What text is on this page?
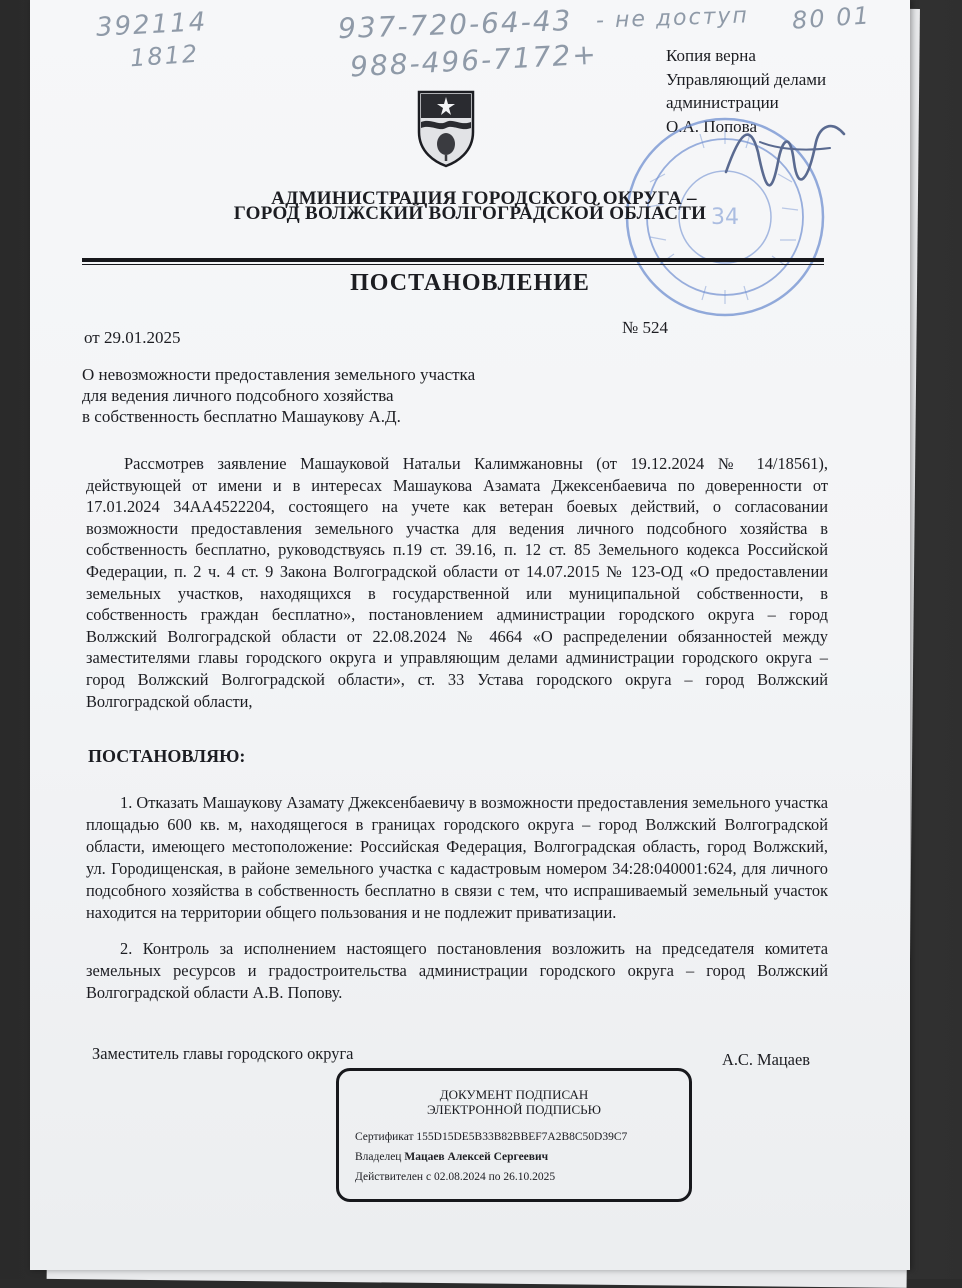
392114
1812
937-720-64-43
988-496-7172+
- не доступ 80 01
Копия верна
Управляющий делами
администрации
О.А. Попова
34
АДМИНИСТРАЦИЯ ГОРОДСКОГО ОКРУГА –
ГОРОД ВОЛЖСКИЙ ВОЛГОГРАДСКОЙ ОБЛАСТИ
ПОСТАНОВЛЕНИЕ
от 29.01.2025
№ 524
О невозможности предоставления земельного участка
для ведения личного подсобного хозяйства
в собственность бесплатно Машаукову А.Д.
Рассмотрев заявление Машауковой Натальи Калимжановны (от 19.12.2024 № 14/18561), действующей от имени и в интересах Машаукова Азамата Джексенбаевича по доверенности от 17.01.2024 34АА4522204, состоящего на учете как ветеран боевых действий, о согласовании возможности предоставления земельного участка для ведения личного подсобного хозяйства в собственность бесплатно, руководствуясь п.19 ст. 39.16, п. 12 ст. 85 Земельного кодекса Российской Федерации, п. 2 ч. 4 ст. 9 Закона Волгоградской области от 14.07.2015 № 123-ОД «О предоставлении земельных участков, находящихся в государственной или муниципальной собственности, в собственность граждан бесплатно», постановлением администрации городского округа – город Волжский Волгоградской области от 22.08.2024 № 4664 «О распределении обязанностей между заместителями главы городского округа и управляющим делами администрации городского округа – город Волжский Волгоградской области», ст. 33 Устава городского округа – город Волжский Волгоградской области,
ПОСТАНОВЛЯЮ:
1. Отказать Машаукову Азамату Джексенбаевичу в возможности предоставления земельного участка площадью 600 кв. м, находящегося в границах городского округа – город Волжский Волгоградской области, имеющего местоположение: Российская Федерация, Волгоградская область, город Волжский, ул. Городищенская, в районе земельного участка с кадастровым номером 34:28:040001:624, для личного подсобного хозяйства в собственность бесплатно в связи с тем, что испрашиваемый земельный участок находится на территории общего пользования и не подлежит приватизации.
2. Контроль за исполнением настоящего постановления возложить на председателя комитета земельных ресурсов и градостроительства администрации городского округа – город Волжский Волгоградской области А.В. Попову.
Заместитель главы городского округа	А.С. Мацаев
ДОКУМЕНТ ПОДПИСАН
ЭЛЕКТРОННОЙ ПОДПИСЬЮ
Сертификат 155D15DE5B33B82BBEF7A2B8C50D39C7
Владелец Мацаев Алексей Сергеевич
Действителен с 02.08.2024 по 26.10.2025
